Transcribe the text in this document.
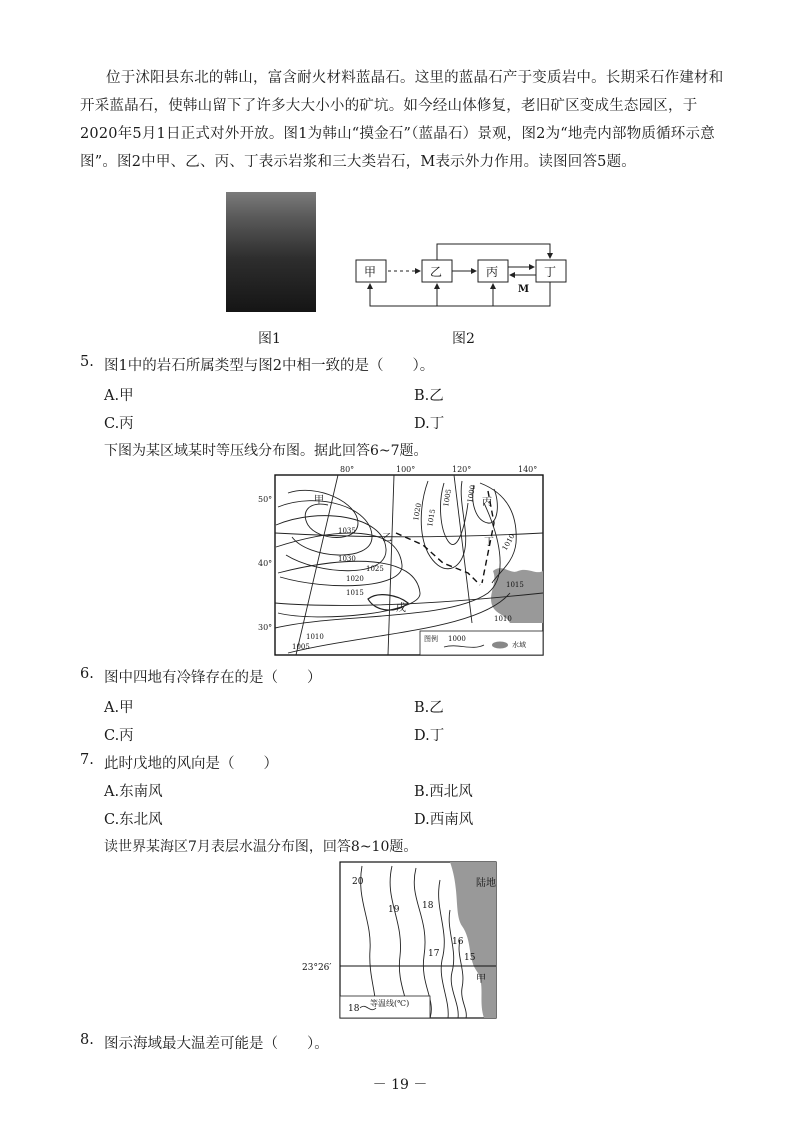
位于沭阳县东北的韩山，富含耐火材料蓝晶石。这里的蓝晶石产于变质岩中。长期采石作建材和开采蓝晶石，使韩山留下了许多大大小小的矿坑。如今经山体修复，老旧矿区变成生态园区，于2020年5月1日正式对外开放。图1为韩山“摸金石”（蓝晶石）景观，图2为“地壳内部物质循环示意图”。图2中甲、乙、丙、丁表示岩浆和三大类岩石，M表示外力作用。读图回答5题。
图1
甲	乙	丙	丁
M
图2
5. 图1中的岩石所属类型与图2中相一致的是（　　）。
A.甲	B.乙
C.丙	D.丁
下图为某区域某时等压线分布图。据此回答6~7题。
80°	100°	120°	140°
50°
40°
30°
1035
1030
1025
1020
1015
1010
1005
1020 1015
1010
1005 1000
1015
1010
甲
乙
丙
丁
戊
图例 1000
水域
6. 图中四地有冷锋存在的是（　　）
A.甲	B.乙
C.丙	D.丁
7. 此时戊地的风向是（　　）
A.东南风	B.西北风
C.东北风	D.西南风
读世界某海区7月表层水温分布图，回答8~10题。
20
19	18
17
16
15
陆地
甲
23°26′
18
等温线(℃)
8. 图示海域最大温差可能是（　　）。
－ 19 －
